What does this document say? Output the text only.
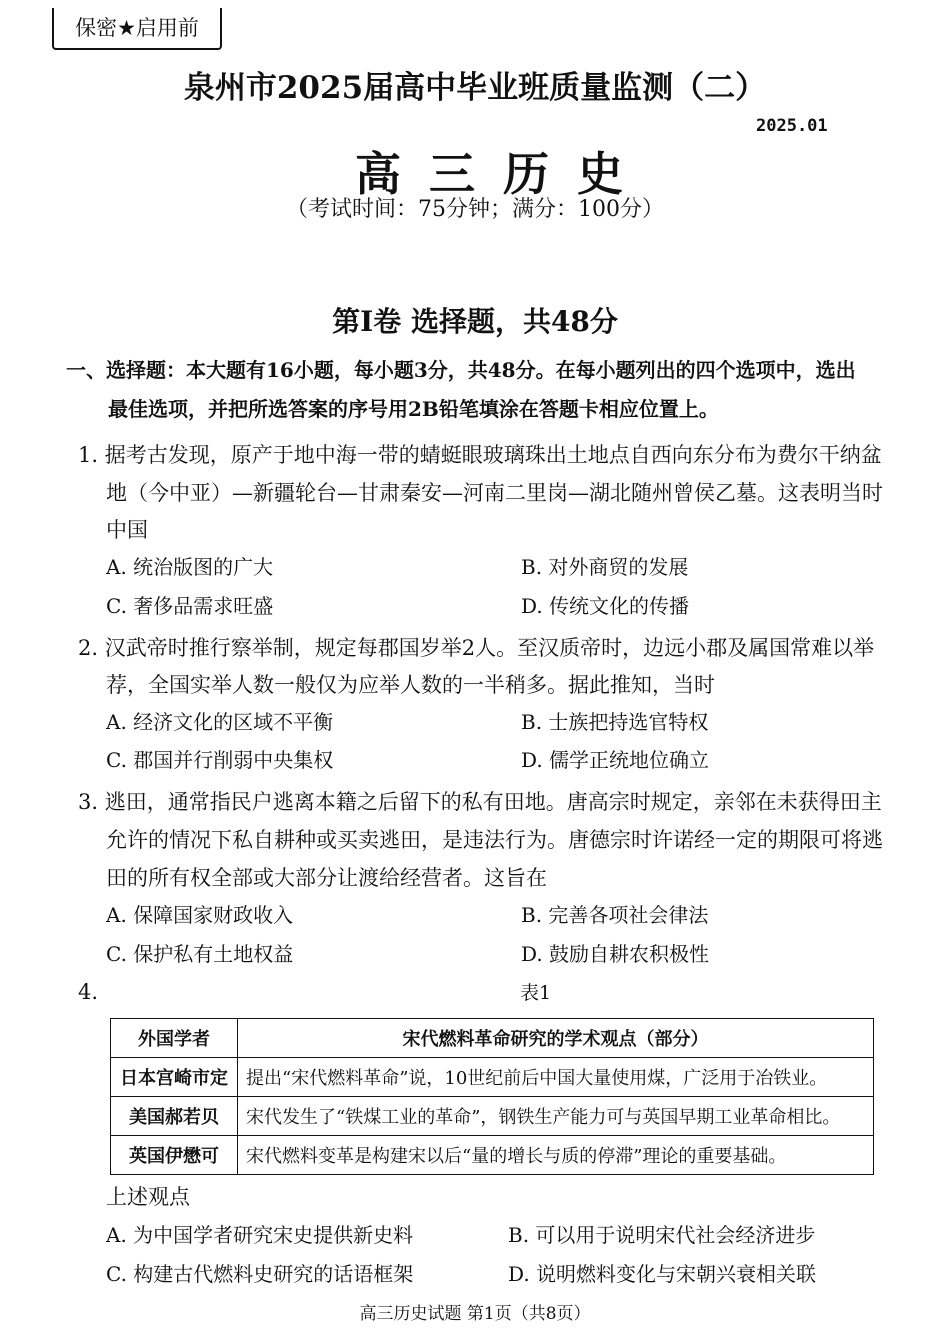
保密★启用前
泉州市2025届高中毕业班质量监测（二）
2025.01
高三历史
（考试时间：75分钟；满分：100分）
第Ⅰ卷 选择题，共48分
一、选择题：本大题有16小题，每小题3分，共48分。在每小题列出的四个选项中，选出
最佳选项，并把所选答案的序号用2B铅笔填涂在答题卡相应位置上。
1. 据考古发现，原产于地中海一带的蜻蜓眼玻璃珠出土地点自西向东分布为费尔干纳盆
地（今中亚）—新疆轮台—甘肃秦安—河南二里岗—湖北随州曾侯乙墓。这表明当时
中国
A. 统治版图的广大	B. 对外商贸的发展
C. 奢侈品需求旺盛	D. 传统文化的传播
2. 汉武帝时推行察举制，规定每郡国岁举2人。至汉质帝时，边远小郡及属国常难以举
荐，全国实举人数一般仅为应举人数的一半稍多。据此推知，当时
A. 经济文化的区域不平衡	B. 士族把持选官特权
C. 郡国并行削弱中央集权	D. 儒学正统地位确立
3. 逃田，通常指民户逃离本籍之后留下的私有田地。唐高宗时规定，亲邻在未获得田主
允许的情况下私自耕种或买卖逃田，是违法行为。唐德宗时许诺经一定的期限可将逃
田的所有权全部或大部分让渡给经营者。这旨在
A. 保障国家财政收入	B. 完善各项社会律法
C. 保护私有土地权益	D. 鼓励自耕农积极性
4.	表1
外国学者	宋代燃料革命研究的学术观点（部分）
日本宫崎市定	提出“宋代燃料革命”说，10世纪前后中国大量使用煤，广泛用于冶铁业。
美国郝若贝	宋代发生了“铁煤工业的革命”，钢铁生产能力可与英国早期工业革命相比。
英国伊懋可	宋代燃料变革是构建宋以后“量的增长与质的停滞”理论的重要基础。
上述观点
A. 为中国学者研究宋史提供新史料	B. 可以用于说明宋代社会经济进步
C. 构建古代燃料史研究的话语框架	D. 说明燃料变化与宋朝兴衰相关联
高三历史试题 第1页（共8页）
